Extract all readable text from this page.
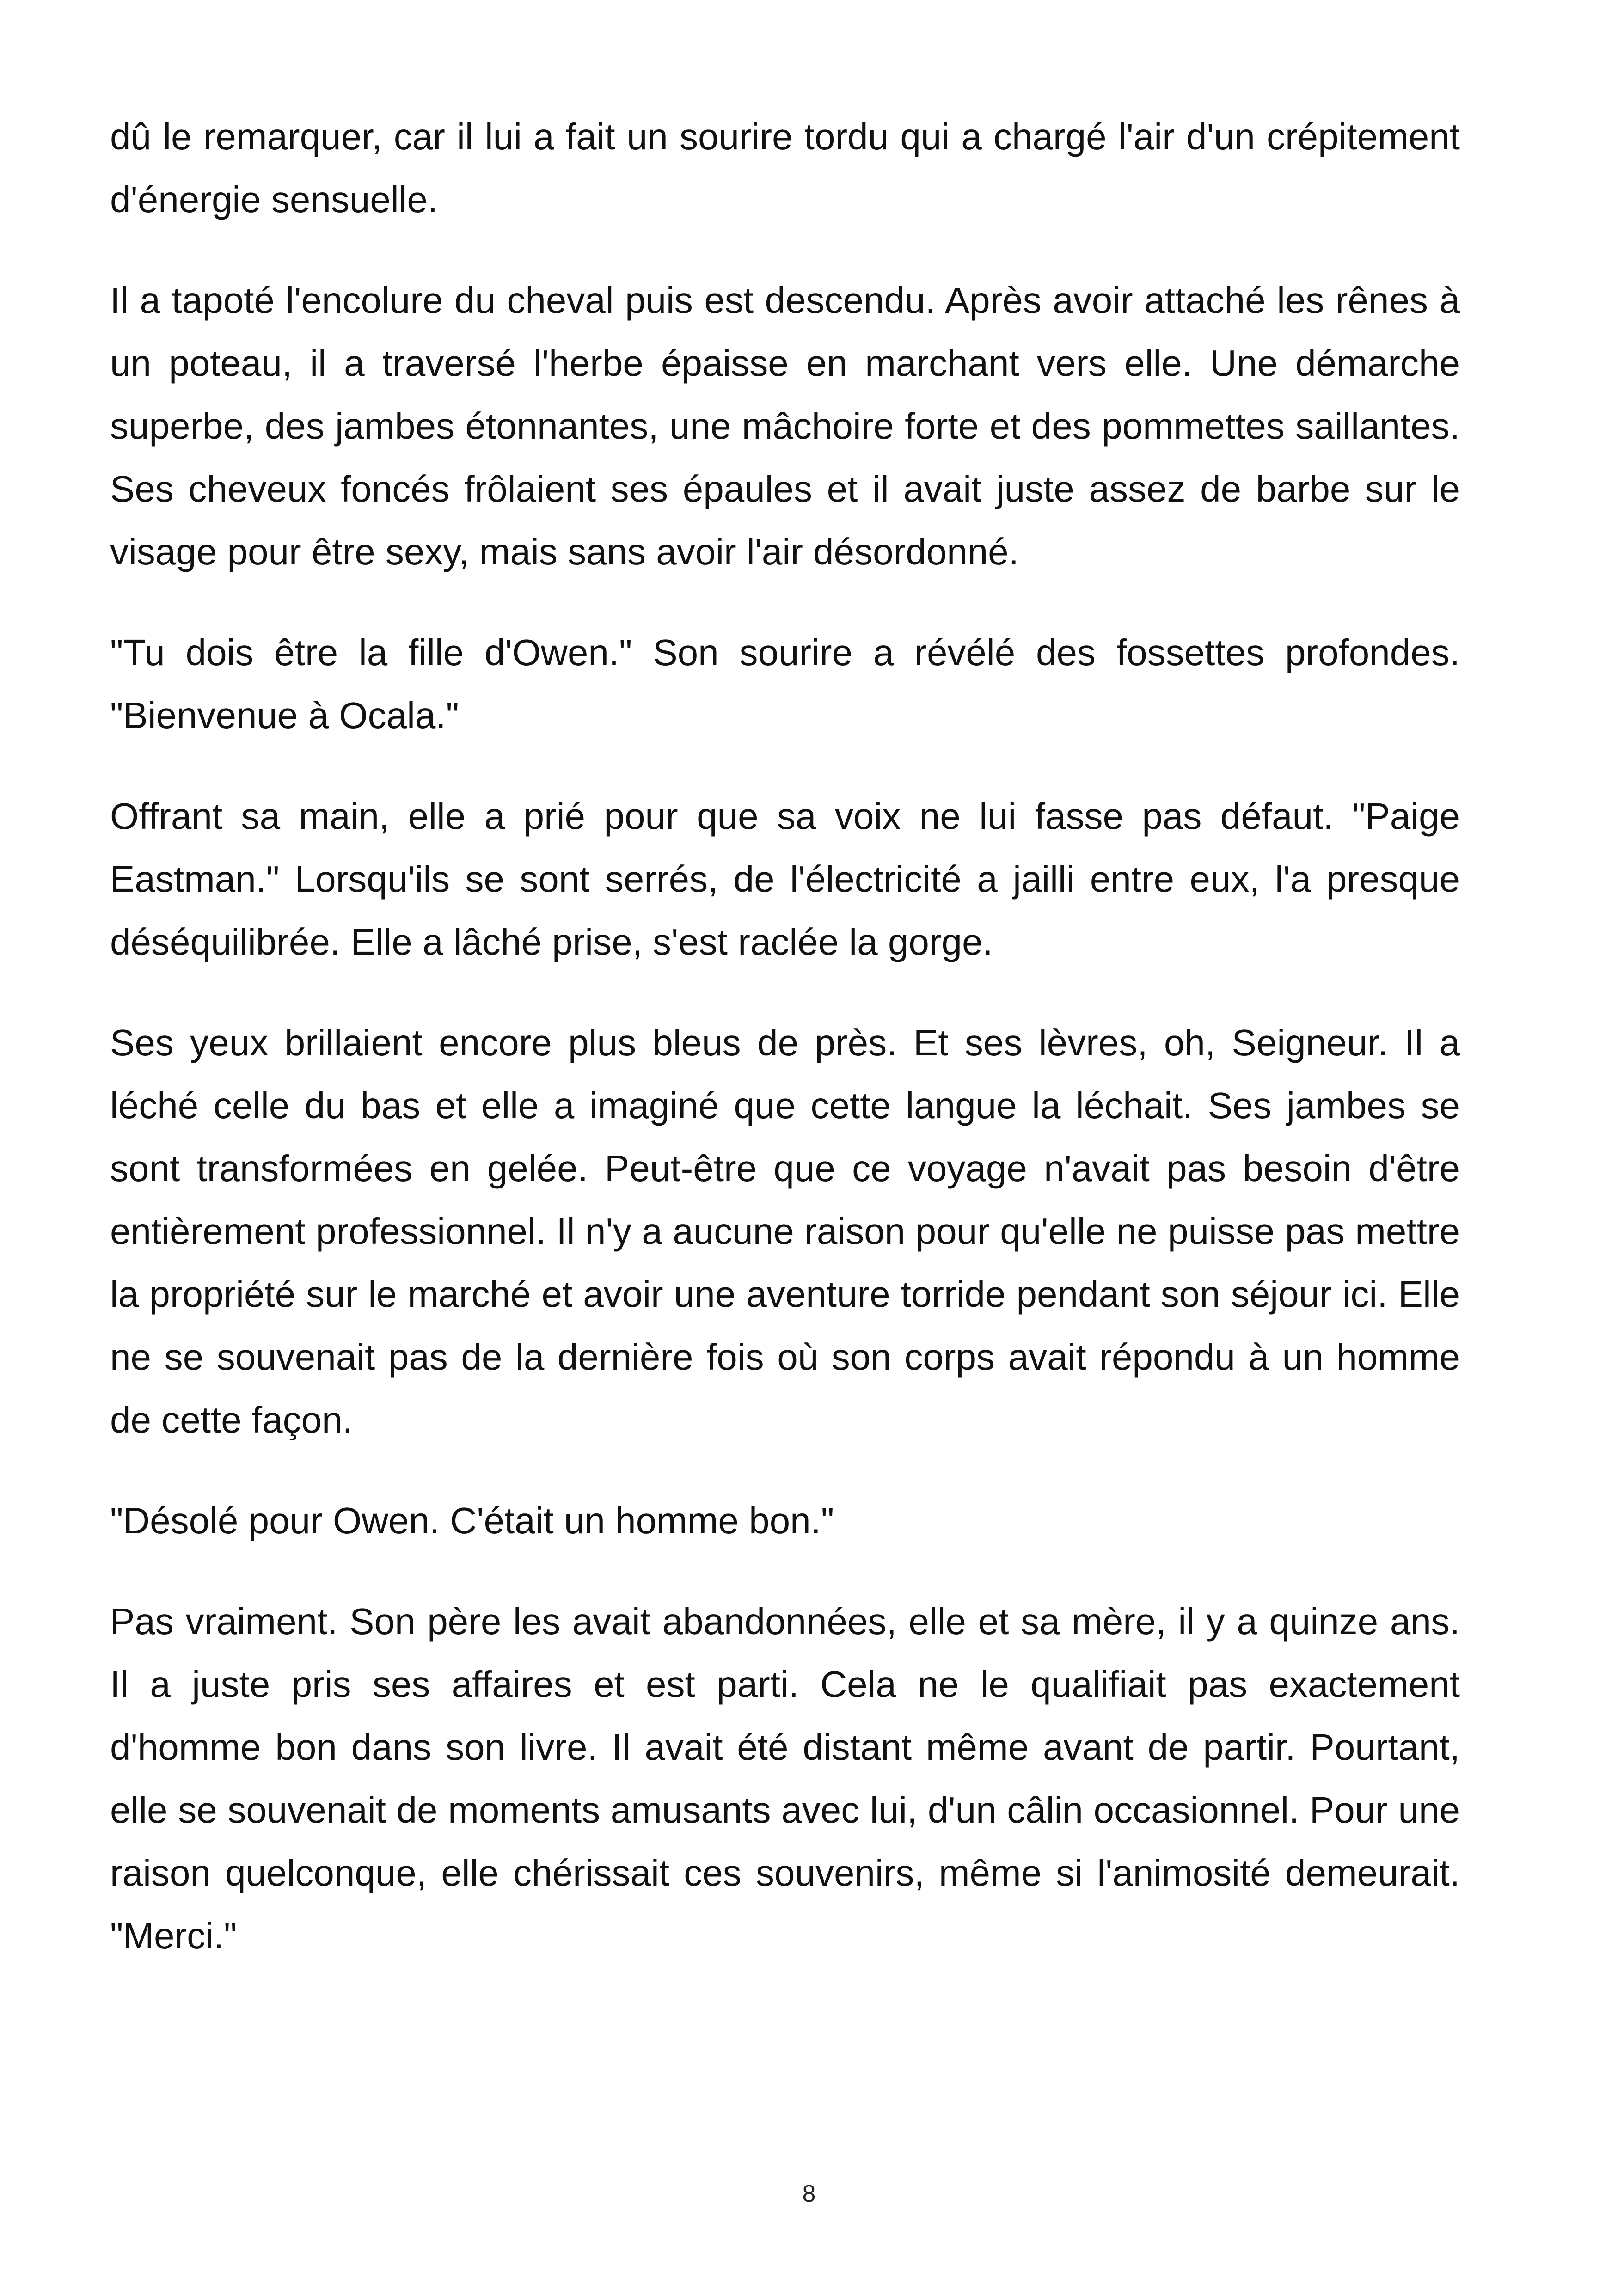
dû le remarquer, car il lui a fait un sourire tordu qui a chargé l'air d'un crépitement d'énergie sensuelle.

Il a tapoté l'encolure du cheval puis est descendu. Après avoir attaché les rênes à un poteau, il a traversé l'herbe épaisse en marchant vers elle. Une démarche superbe, des jambes étonnantes, une mâchoire forte et des pommettes saillantes. Ses cheveux foncés frôlaient ses épaules et il avait juste assez de barbe sur le visage pour être sexy, mais sans avoir l'air désordonné.

"Tu dois être la fille d'Owen." Son sourire a révélé des fossettes profondes. "Bienvenue à Ocala."

Offrant sa main, elle a prié pour que sa voix ne lui fasse pas défaut. "Paige Eastman." Lorsqu'ils se sont serrés, de l'électricité a jailli entre eux, l'a presque déséquilibrée. Elle a lâché prise, s'est raclée la gorge.

Ses yeux brillaient encore plus bleus de près. Et ses lèvres, oh, Seigneur. Il a léché celle du bas et elle a imaginé que cette langue la léchait. Ses jambes se sont transformées en gelée. Peut-être que ce voyage n'avait pas besoin d'être entièrement professionnel. Il n'y a aucune raison pour qu'elle ne puisse pas mettre la propriété sur le marché et avoir une aventure torride pendant son séjour ici. Elle ne se souvenait pas de la dernière fois où son corps avait répondu à un homme de cette façon.

"Désolé pour Owen. C'était un homme bon."

Pas vraiment. Son père les avait abandonnées, elle et sa mère, il y a quinze ans. Il a juste pris ses affaires et est parti. Cela ne le qualifiait pas exactement d'homme bon dans son livre. Il avait été distant même avant de partir. Pourtant, elle se souvenait de moments amusants avec lui, d'un câlin occasionnel. Pour une raison quelconque, elle chérissait ces souvenirs, même si l'animosité demeurait. "Merci."

8
